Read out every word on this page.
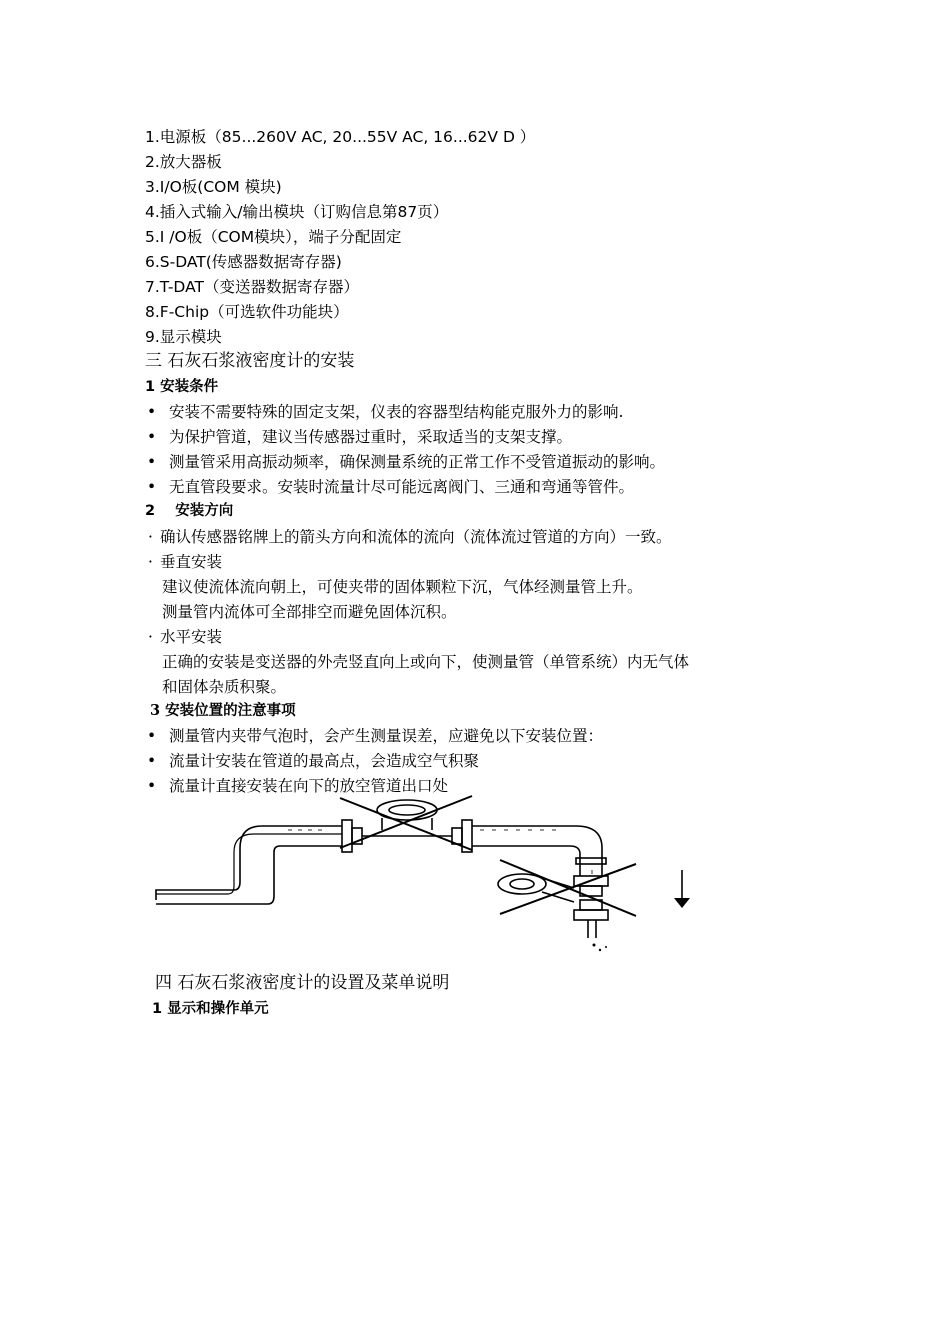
1.电源板（85...260V AC, 20...55V AC, 16...62V D ）
2.放大器板
3.I/O板(COM 模块)
4.插入式输入/输出模块（订购信息第87页）
5.I /O板（COM模块），端子分配固定
6.S-DAT(传感器数据寄存器)
7.T-DAT（变送器数据寄存器）
8.F-Chip（可选软件功能块）
9.显示模块
三 石灰石浆液密度计的安装
1 安装条件
• 安装不需要特殊的固定支架，仪表的容器型结构能克服外力的影响.
• 为保护管道，建议当传感器过重时，采取适当的支架支撑。
• 测量管采用高振动频率，确保测量系统的正常工作不受管道振动的影响。
• 无直管段要求。安装时流量计尽可能远离阀门、三通和弯通等管件。
2    安装方向
· 确认传感器铭牌上的箭头方向和流体的流向（流体流过管道的方向）一致。
· 垂直安装
建议使流体流向朝上，可使夹带的固体颗粒下沉，气体经测量管上升。
测量管内流体可全部排空而避免固体沉积。
· 水平安装
正确的安装是变送器的外壳竖直向上或向下，使测量管（单管系统）内无气体
和固体杂质积聚。
3 安装位置的注意事项
• 测量管内夹带气泡时，会产生测量误差，应避免以下安装位置：
• 流量计安装在管道的最高点，会造成空气积聚
• 流量计直接安装在向下的放空管道出口处
四 石灰石浆液密度计的设置及菜单说明
1 显示和操作单元
